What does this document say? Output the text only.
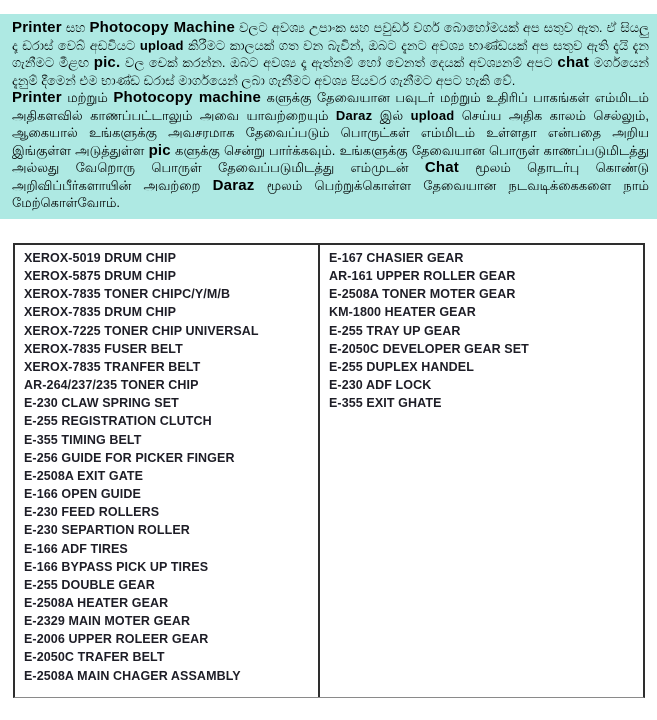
Printer සහ Photocopy Machine වලට අවශ්‍ය උපාංක සහ පවුඩර් වර්ග බොහෝමයක් අප සතුව ඇත. ඒ සියලු දෑ ඩරාස් වෙබ් අඩවියට upload කිරීමට කාලයක් ගත වන බැවින්, ඔබට දැනට අවශ්‍ය භාණ්ඩයක් අප සතුව ඇති දැයි දැන ගැනීමට මීළඟ pic. වල චෙක් කරන්න. ඔබට අවශ්‍ය දෑ ඇත්නම් හෝ වෙනත් දෙයක් අවශ්‍යනම් අපට chat මර්ගයෙන් දැනුම් දීමෙන් එම භාණ්ඩ ඩරාස් මාර්ගයෙන් ලබා ගැනීමට අවශ්‍ය පියවර ගැනීමට අපට හැකි වේ.

Printer மற்றும் Photocopy machine களுக்கு தேவையான பவுடர் மற்றும் உதிரிப் பாகங்கள் எம்மிடம் அதிகளவில் காணப்பட்டாலும் அவை யாவற்றையும் Daraz இல் upload செய்ய அதிக காலம் செல்லும், ஆகையால் உங்களுக்கு அவசரமாக தேவைப்படும் பொருட்கள் எம்மிடம் உள்ளதா என்பதை அறிய இங்குள்ள அடுத்துள்ள pic களுக்கு சென்று பார்க்கவும். உங்களுக்கு தேவையான பொருள் காணப்படுமிடத்து அல்லது வேறொரு பொருள் தேவைப்படுமிடத்து எம்முடன் Chat மூலம் தொடர்பு கொண்டு அறிவிப்பீர்களாயின் அவற்றை Daraz மூலம் பெற்றுக்கொள்ள தேவையான நடவடிக்கைகளை நாம் மேற்கொள்வோம்.

XEROX-5019 DRUM CHIP
XEROX-5875 DRUM CHIP
XEROX-7835 TONER CHIPC/Y/M/B
XEROX-7835 DRUM CHIP
XEROX-7225 TONER CHIP UNIVERSAL
XEROX-7835 FUSER BELT
XEROX-7835 TRANFER BELT
AR-264/237/235 TONER CHIP
E-230 CLAW SPRING SET
E-255 REGISTRATION CLUTCH
E-355 TIMING BELT
E-256 GUIDE FOR PICKER FINGER
E-2508A EXIT GATE
E-166 OPEN GUIDE
E-230 FEED ROLLERS
E-230 SEPARTION ROLLER
E-166 ADF TIRES
E-166 BYPASS PICK UP TIRES
E-255 DOUBLE GEAR
E-2508A HEATER GEAR
E-2329 MAIN MOTER GEAR
E-2006 UPPER ROLEER GEAR
E-2050C TRAFER BELT
E-2508A MAIN CHAGER ASSAMBLY
E-167 CHASIER GEAR
AR-161 UPPER ROLLER GEAR
E-2508A TONER MOTER GEAR
KM-1800 HEATER GEAR
E-255 TRAY UP GEAR
E-2050C DEVELOPER GEAR SET
E-255 DUPLEX HANDEL
E-230 ADF LOCK
E-355 EXIT GHATE
